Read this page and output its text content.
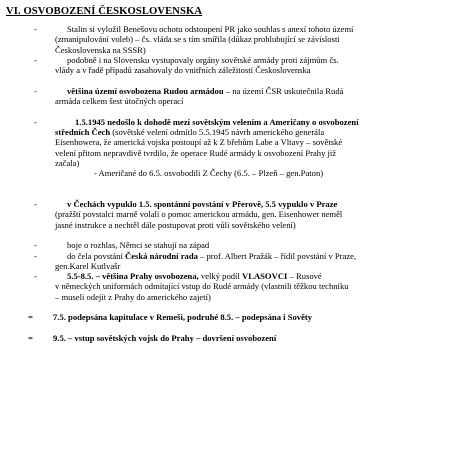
VI. OSVOBOZENÍ ČESKOSLOVENSKA
-	Stalin si vyložil Benešovu ochotu odstoupení PR jako souhlas s anexí tohoto území
(zmanipulování voleb) – čs. vláda se s tím smířila (důkaz prohlubující se závislosti
Československa na SSSR)
-	podobně i na Slovensku vystupovaly orgány sovětské armády proti zájmům čs.
vlády a v řadě případů zasahovaly do vnitřních záležitostí Československa
-	většina území osvobozena Rudou armádou – na území ČSR uskutečnila Rudá
armáda celkem šest útočných operací
-	1.5.1945 nedošlo k dohodě mezi sovětským velením a Američany o osvobození
středních Čech (sovětské velení odmítlo 5.5.1945 návrh amerického generála
Eisenhowera, že americká vojska postoupí až k Z břehům Labe a Vltavy – sovětské
velení přitom nepravdivě tvrdilo, že operace Rudé armády k osvobození Prahy již
začala)
- Američané do 6.5. osvobodili Z Čechy (6.5. – Plzeň – gen.Paton)
-	v Čechách vypuklo 1.5. spontánní povstání v Přerově, 5.5 vypuklo v Praze
(pražští povstalci marně volali o pomoc americkou armádu, gen. Eisenhower neměl
jasné instrukce a nechtěl dále postupovat proti vůli sovětského velení)
-	boje o rozhlas, Němci se stahují na západ
-	do čela povstání Česká národní rada – prof. Albert Pražák – řídil povstání v Praze,
gen.Karel Kutlvašr
-	5.5-8.5. – většina Prahy osvobozena, velký podíl VLASOVCI – Rusové
v německých uniformách odmítající vstup do Rudé armády (vlastnili těžkou techniku
– museli odejít z Prahy do amerického zajetí)
= 7.5. podepsána kapitulace v Remeši, podruhé 8.5. – podepsána i Sověty
= 9.5. – vstup sovětských vojsk do Prahy – dovršení osvobození
